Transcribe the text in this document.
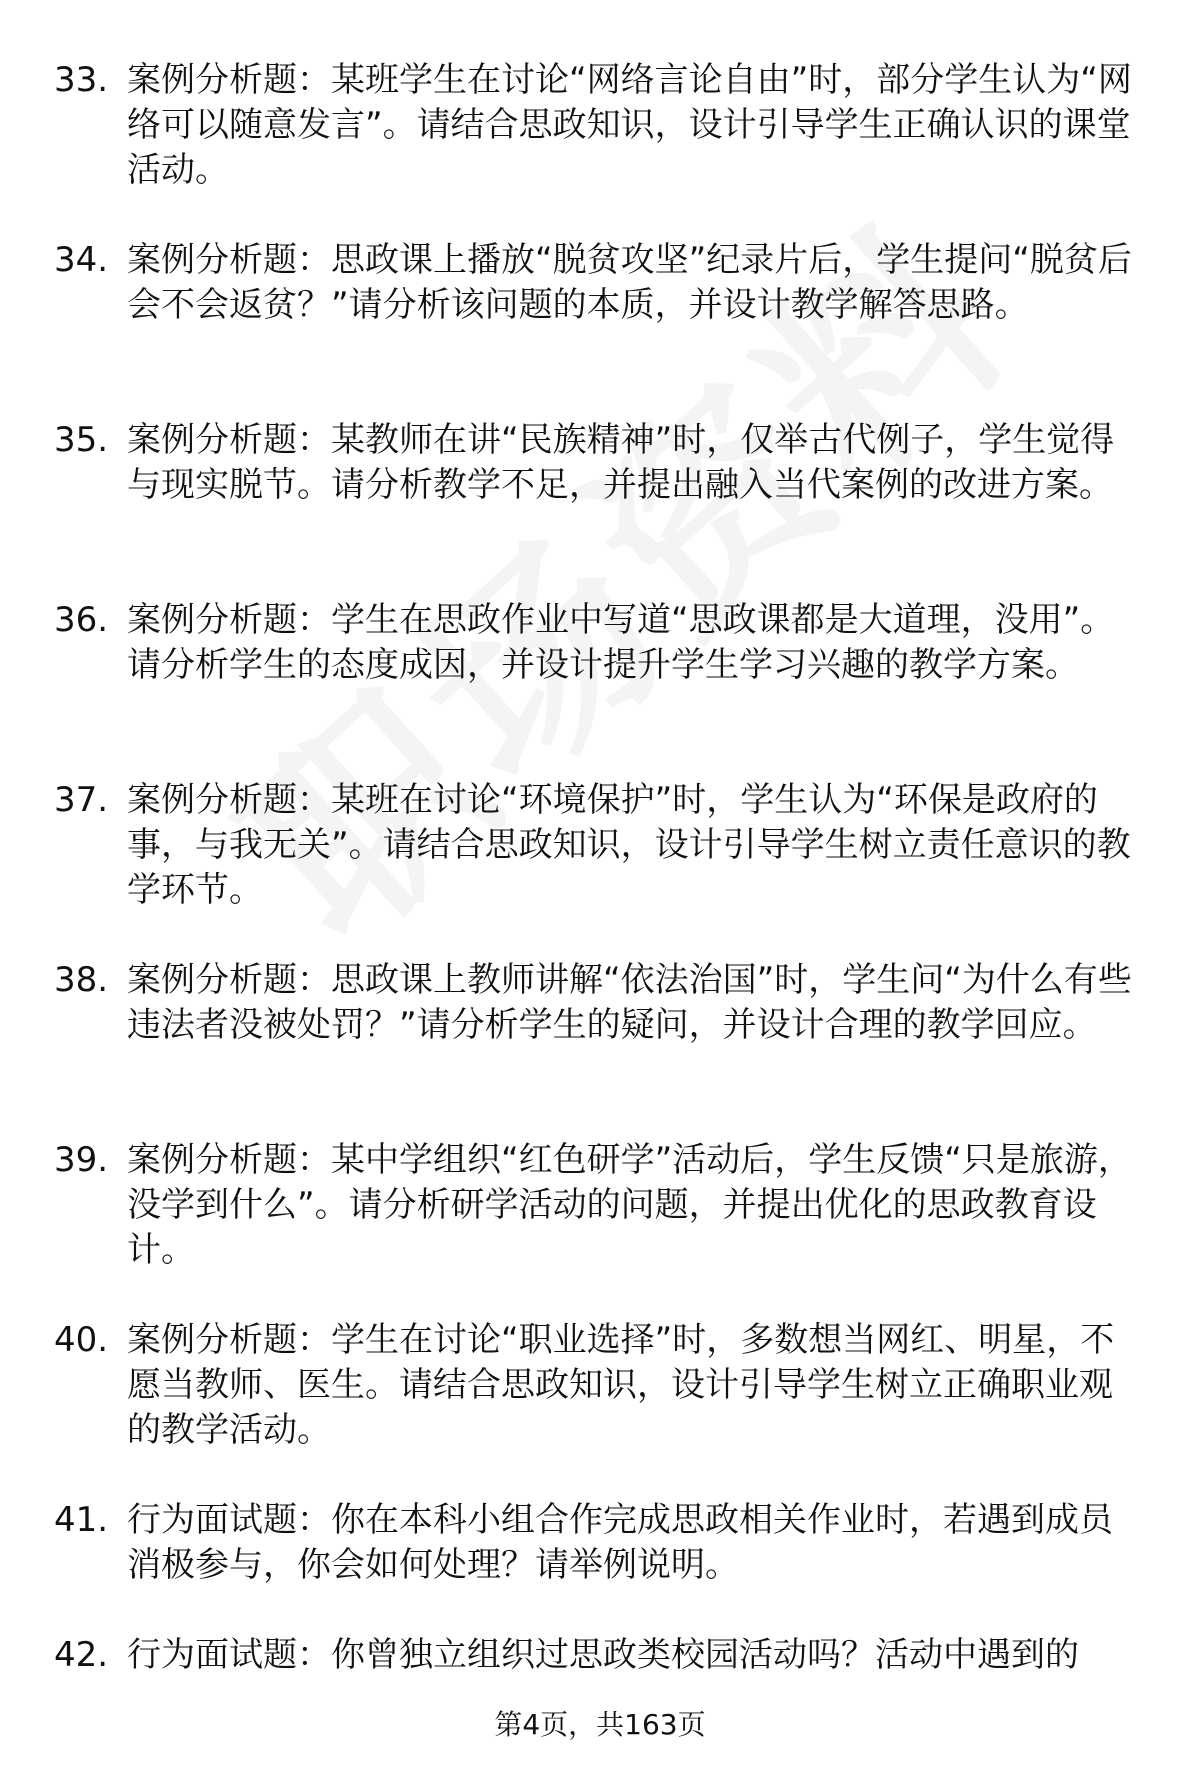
33. 案例分析题：某班学生在讨论“网络言论自由”时，部分学生认为“网络可以随意发言”。请结合思政知识，设计引导学生正确认识的课堂活动。
34. 案例分析题：思政课上播放“脱贫攻坚”纪录片后，学生提问“脱贫后会不会返贫？”请分析该问题的本质，并设计教学解答思路。
35. 案例分析题：某教师在讲“民族精神”时，仅举古代例子，学生觉得与现实脱节。请分析教学不足，并提出融入当代案例的改进方案。
36. 案例分析题：学生在思政作业中写道“思政课都是大道理，没用”。请分析学生的态度成因，并设计提升学生学习兴趣的教学方案。
37. 案例分析题：某班在讨论“环境保护”时，学生认为“环保是政府的事，与我无关”。请结合思政知识，设计引导学生树立责任意识的教学环节。
38. 案例分析题：思政课上教师讲解“依法治国”时，学生问“为什么有些违法者没被处罚？”请分析学生的疑问，并设计合理的教学回应。
39. 案例分析题：某中学组织“红色研学”活动后，学生反馈“只是旅游，没学到什么”。请分析研学活动的问题，并提出优化的思政教育设计。
40. 案例分析题：学生在讨论“职业选择”时，多数想当网红、明星，不愿当教师、医生。请结合思政知识，设计引导学生树立正确职业观的教学活动。
41. 行为面试题：你在本科小组合作完成思政相关作业时，若遇到成员消极参与，你会如何处理？请举例说明。
42. 行为面试题：你曾独立组织过思政类校园活动吗？活动中遇到的
第4页，共163页
